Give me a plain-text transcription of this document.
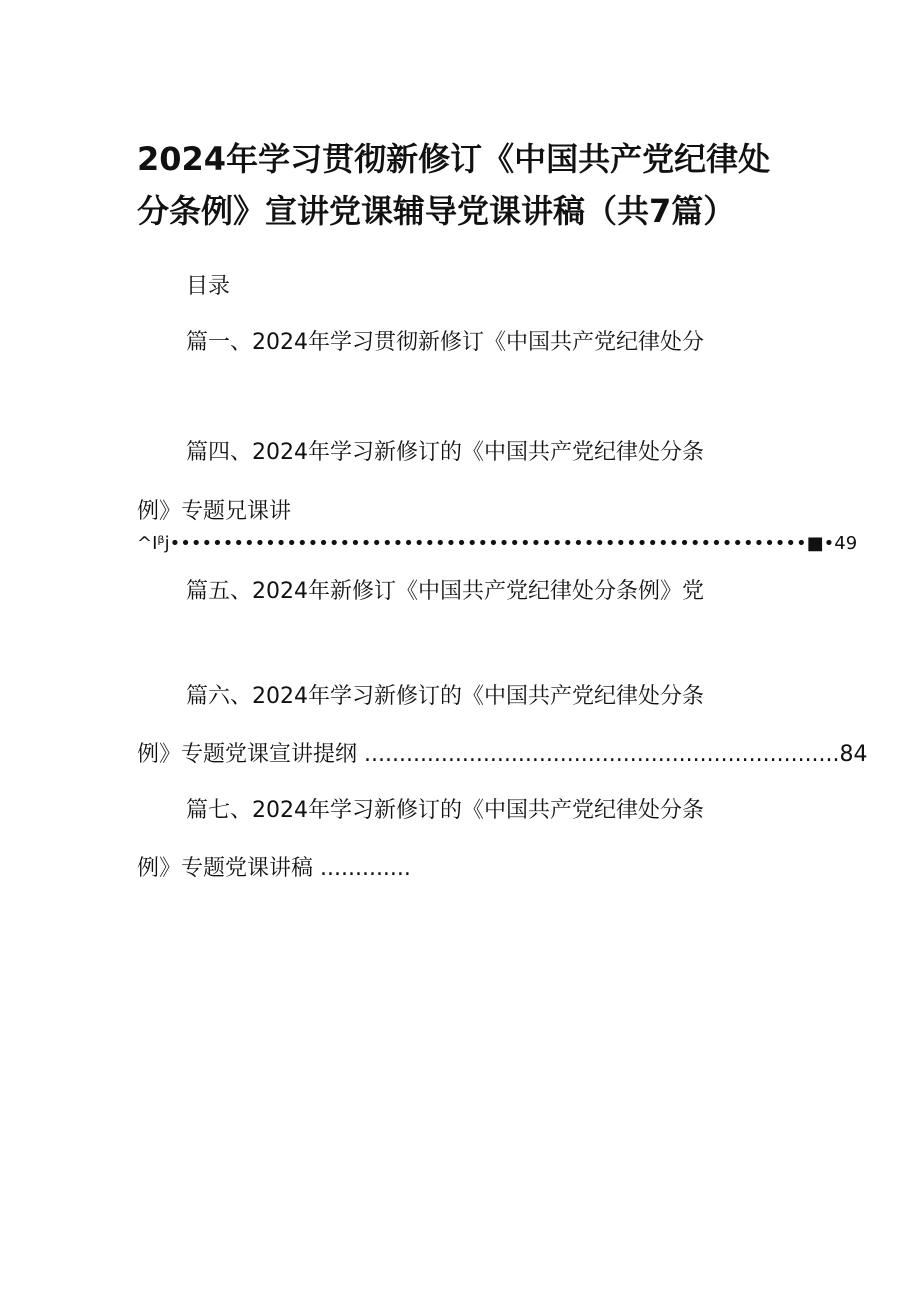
2024年学习贯彻新修订《中国共产党纪律处分条例》宣讲党课辅导党课讲稿（共7篇）
目录
篇一、2024年学习贯彻新修订《中国共产党纪律处分
篇四、2024年学习新修订的《中国共产党纪律处分条
例》专题兄课讲
^Iᵝj••••••••••••••••••••••••••••••••••••••••••••••••••••••••••••■•49
篇五、2024年新修订《中国共产党纪律处分条例》党
篇六、2024年学习新修订的《中国共产党纪律处分条
例》专题党课宣讲提纲 ....................................................................84
篇七、2024年学习新修订的《中国共产党纪律处分条
例》专题党课讲稿 .............
